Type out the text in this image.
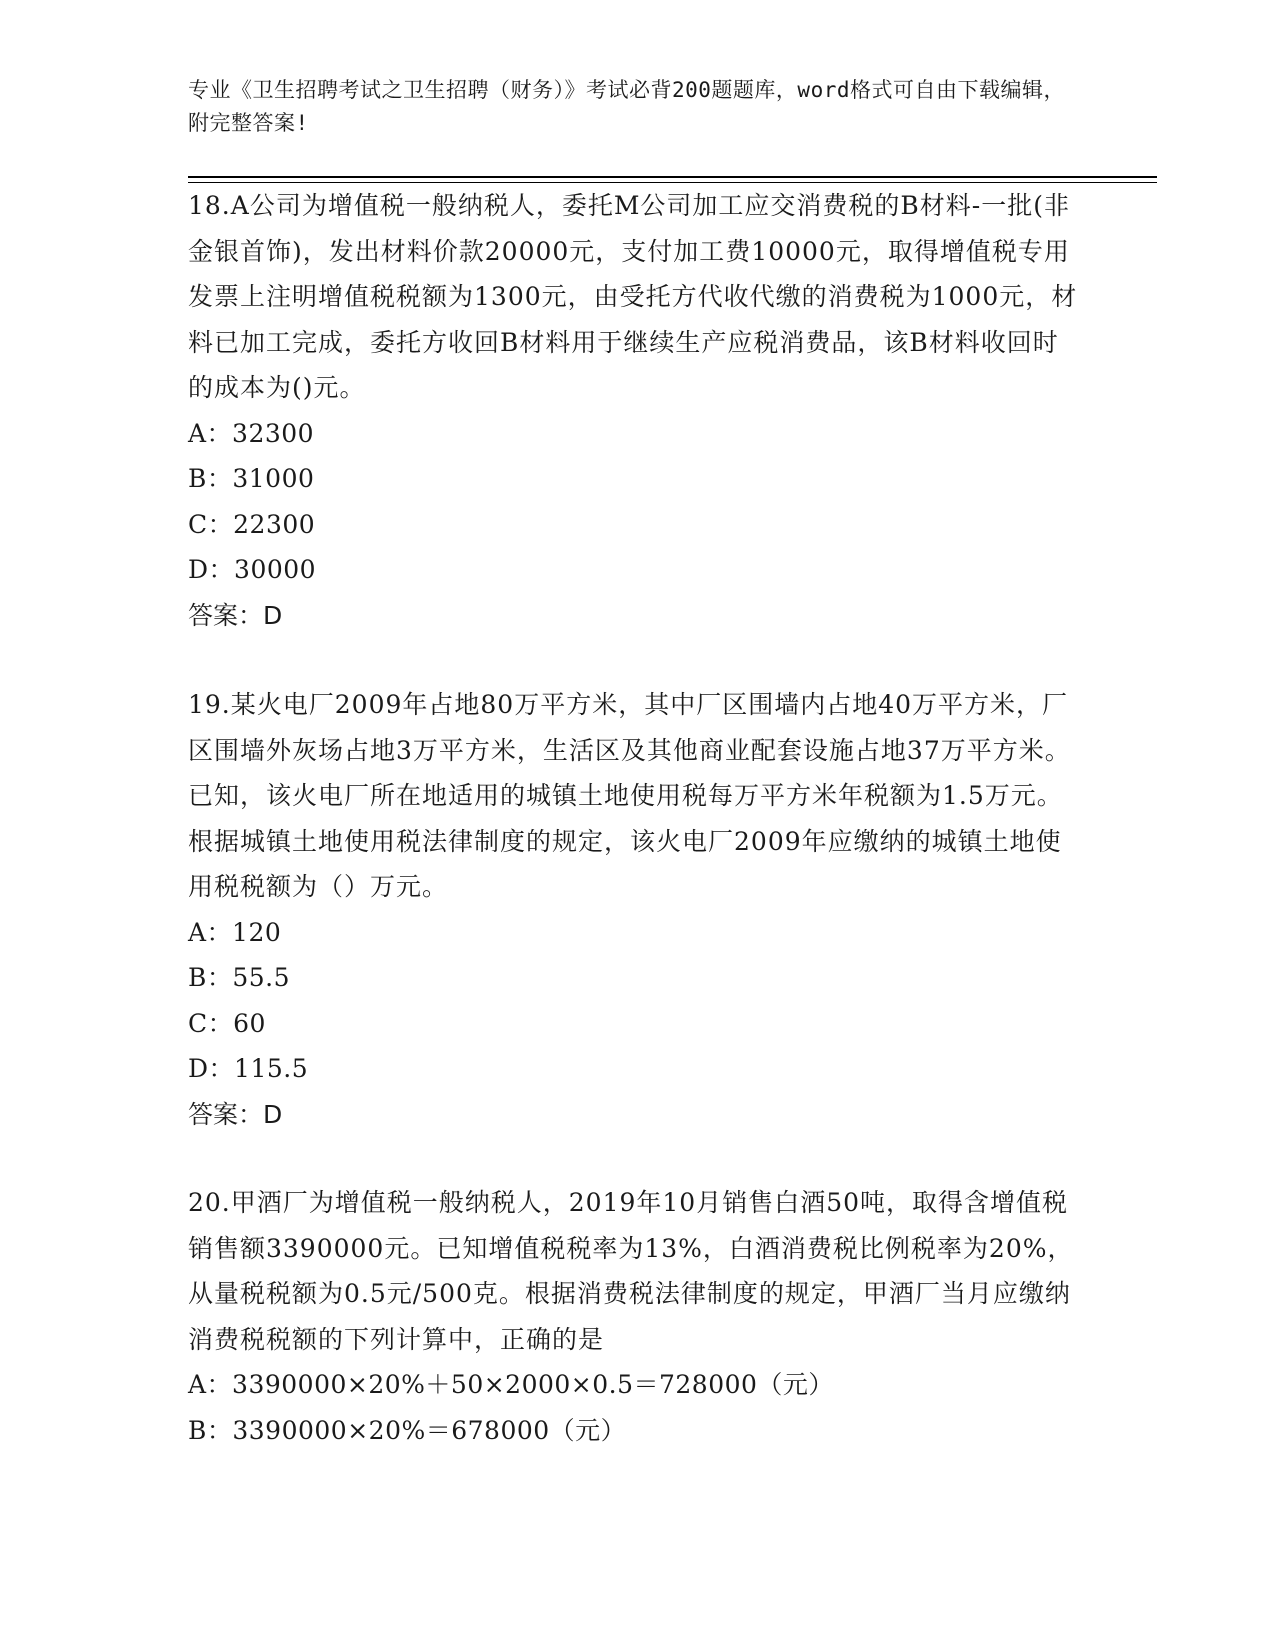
专业《卫生招聘考试之卫生招聘（财务）》考试必背200题题库，word格式可自由下载编辑，附完整答案!
18.A公司为增值税一般纳税人，委托M公司加工应交消费税的B材料-一批(非金银首饰)，发出材料价款20000元，支付加工费10000元，取得增值税专用发票上注明增值税税额为1300元，由受托方代收代缴的消费税为1000元，材料已加工完成，委托方收回B材料用于继续生产应税消费品，该B材料收回时的成本为()元。
A：32300
B：31000
C：22300
D：30000
答案：D
19.某火电厂2009年占地80万平方米，其中厂区围墙内占地40万平方米，厂区围墙外灰场占地3万平方米，生活区及其他商业配套设施占地37万平方米。已知，该火电厂所在地适用的城镇土地使用税每万平方米年税额为1.5万元。根据城镇土地使用税法律制度的规定，该火电厂2009年应缴纳的城镇土地使用税税额为（）万元。
A：120
B：55.5
C：60
D：115.5
答案：D
20.甲酒厂为增值税一般纳税人，2019年10月销售白酒50吨，取得含增值税销售额3390000元。已知增值税税率为13%，白酒消费税比例税率为20%，从量税税额为0.5元/500克。根据消费税法律制度的规定，甲酒厂当月应缴纳消费税税额的下列计算中，正确的是
A：3390000×20%＋50×2000×0.5＝728000（元）
B：3390000×20%＝678000（元）
